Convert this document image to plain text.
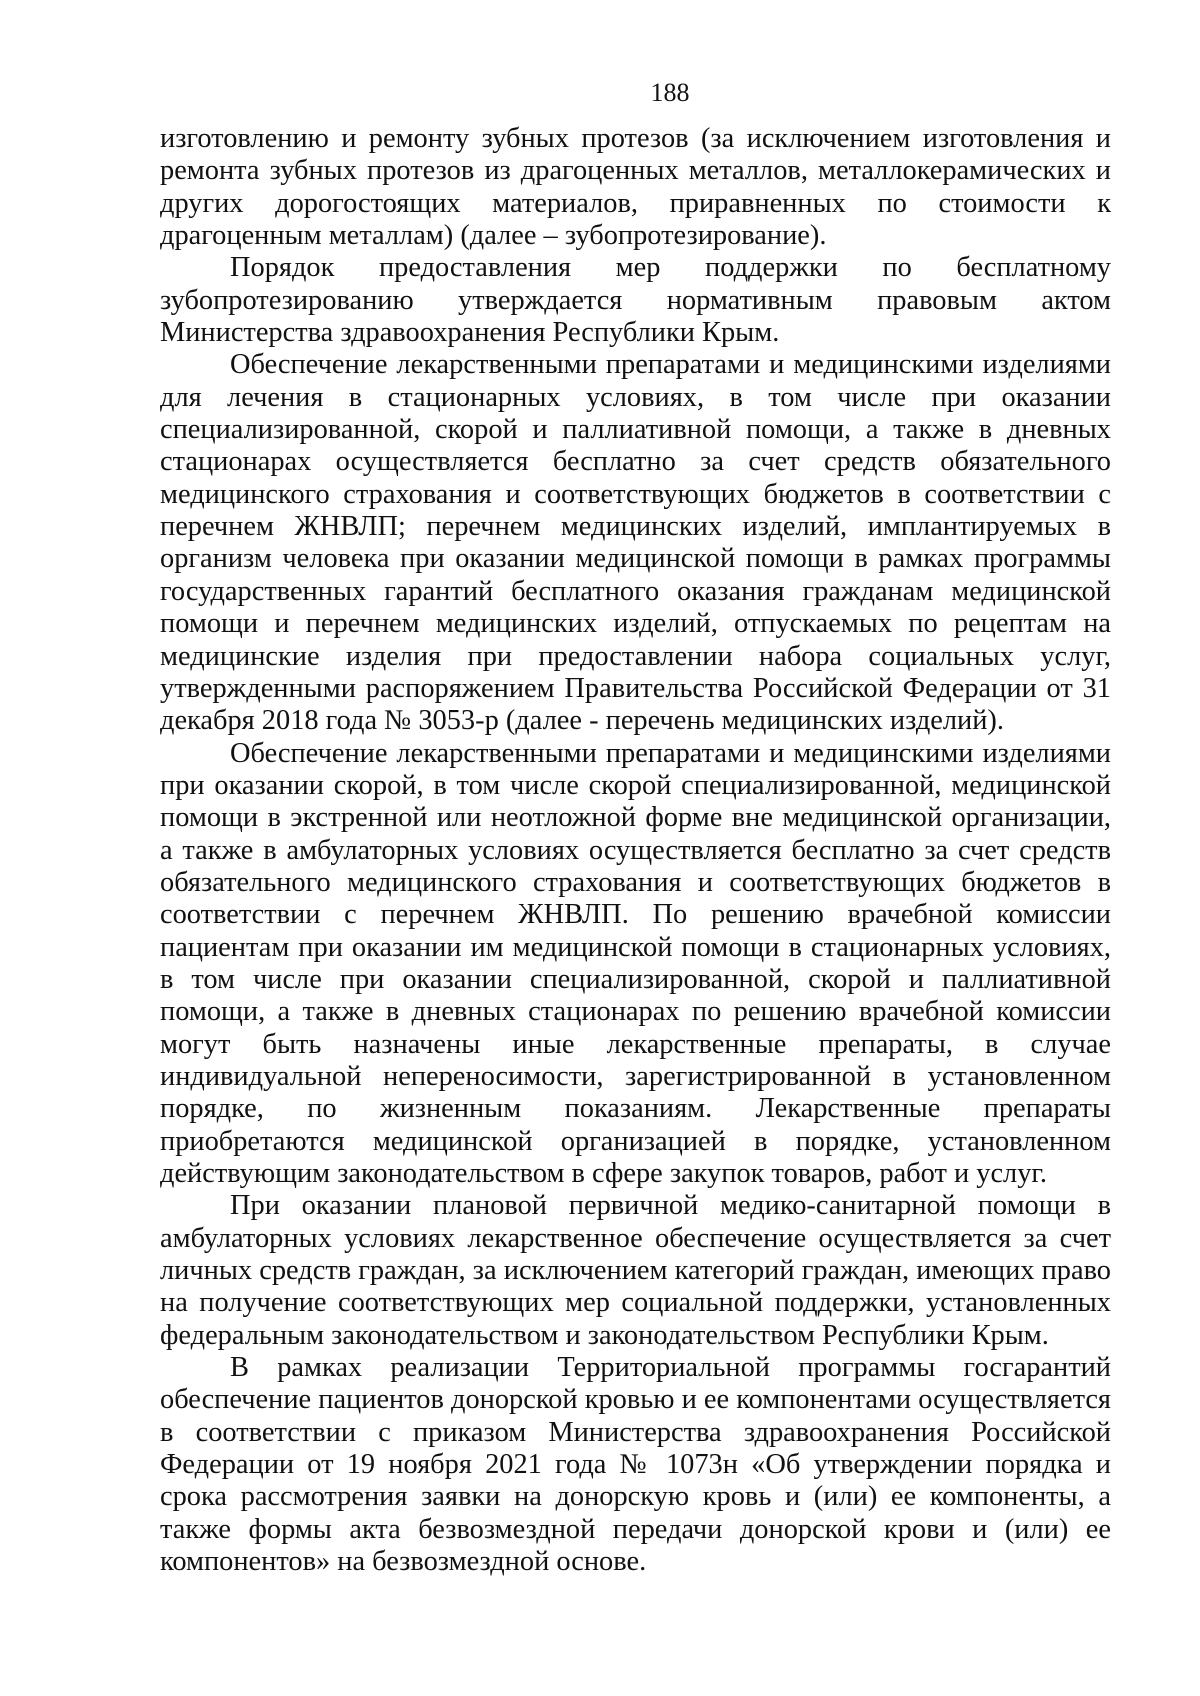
188

изготовлению и ремонту зубных протезов (за исключением изготовления и ремонта зубных протезов из драгоценных металлов, металлокерамических и других дорогостоящих материалов, приравненных по стоимости к драгоценным металлам) (далее – зубопротезирование).

Порядок предоставления мер поддержки по бесплатному зубопротезированию утверждается нормативным правовым актом Министерства здравоохранения Республики Крым.

Обеспечение лекарственными препаратами и медицинскими изделиями для лечения в стационарных условиях, в том числе при оказании специализированной, скорой и паллиативной помощи, а также в дневных стационарах осуществляется бесплатно за счет средств обязательного медицинского страхования и соответствующих бюджетов в соответствии с перечнем ЖНВЛП; перечнем медицинских изделий, имплантируемых в организм человека при оказании медицинской помощи в рамках программы государственных гарантий бесплатного оказания гражданам медицинской помощи и перечнем медицинских изделий, отпускаемых по рецептам на медицинские изделия при предоставлении набора социальных услуг, утвержденными распоряжением Правительства Российской Федерации от 31 декабря 2018 года № 3053-р (далее - перечень медицинских изделий).

Обеспечение лекарственными препаратами и медицинскими изделиями при оказании скорой, в том числе скорой специализированной, медицинской помощи в экстренной или неотложной форме вне медицинской организации, а также в амбулаторных условиях осуществляется бесплатно за счет средств обязательного медицинского страхования и соответствующих бюджетов в соответствии с перечнем ЖНВЛП. По решению врачебной комиссии пациентам при оказании им медицинской помощи в стационарных условиях, в том числе при оказании специализированной, скорой и паллиативной помощи, а также в дневных стационарах по решению врачебной комиссии могут быть назначены иные лекарственные препараты, в случае индивидуальной непереносимости, зарегистрированной в установленном порядке, по жизненным показаниям. Лекарственные препараты приобретаются медицинской организацией в порядке, установленном действующим законодательством в сфере закупок товаров, работ и услуг.

При оказании плановой первичной медико-санитарной помощи в амбулаторных условиях лекарственное обеспечение осуществляется за счет личных средств граждан, за исключением категорий граждан, имеющих право на получение соответствующих мер социальной поддержки, установленных федеральным законодательством и законодательством Республики Крым.

В рамках реализации Территориальной программы госгарантий обеспечение пациентов донорской кровью и ее компонентами осуществляется в соответствии с приказом Министерства здравоохранения Российской Федерации от 19 ноября 2021 года № 1073н «Об утверждении порядка и срока рассмотрения заявки на донорскую кровь и (или) ее компоненты, а также формы акта безвозмездной передачи донорской крови и (или) ее компонентов» на безвозмездной основе.
